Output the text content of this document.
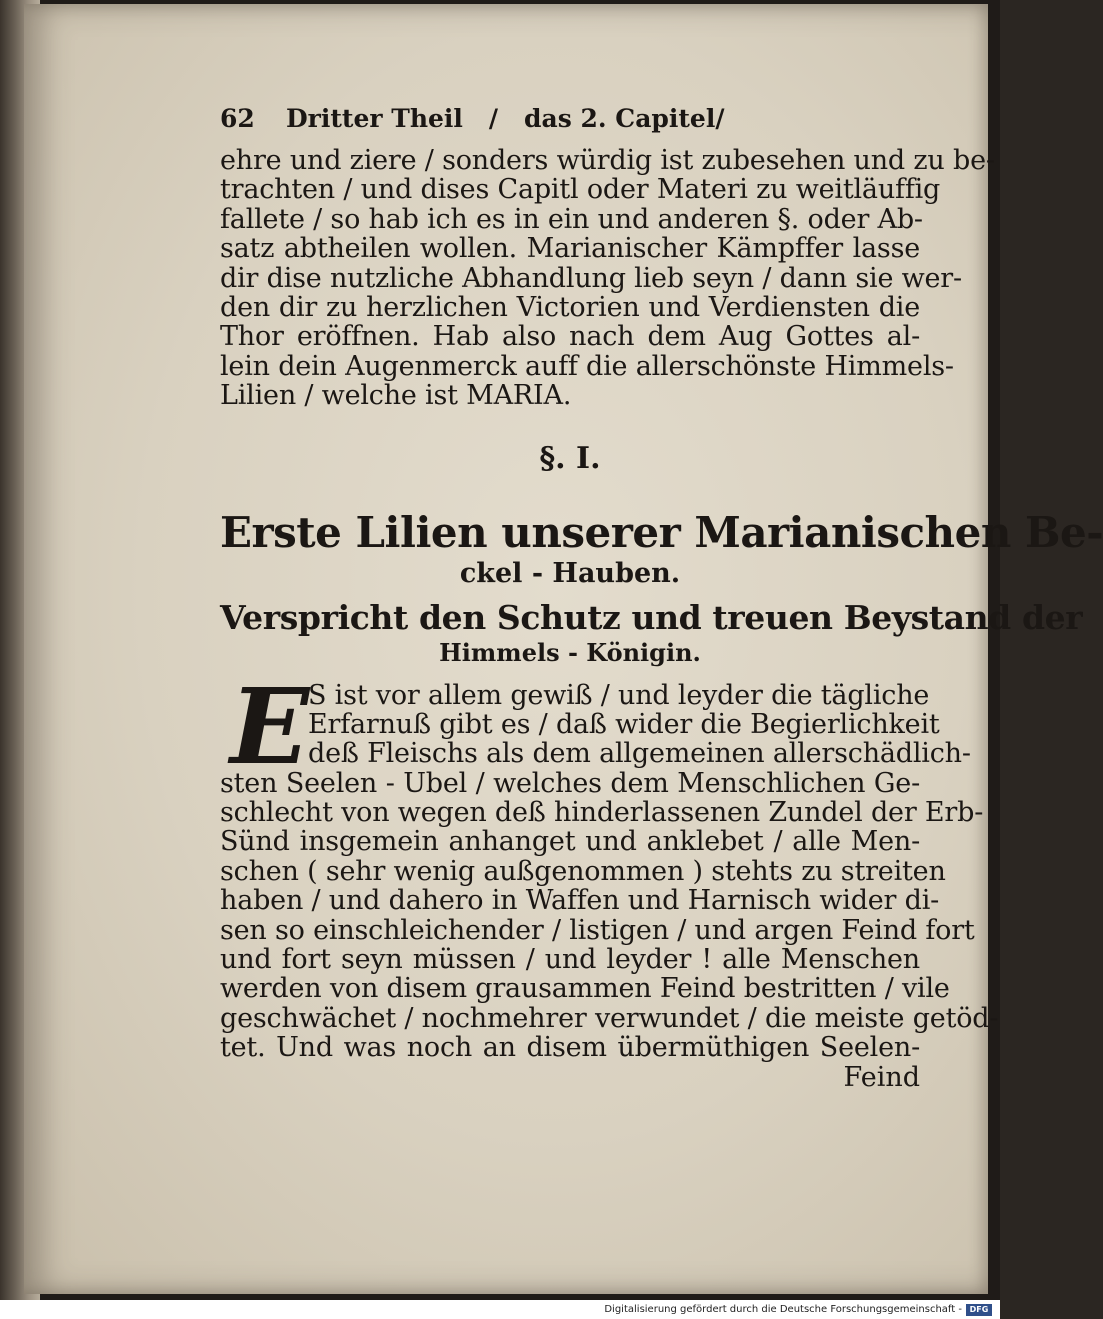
62 Dritter Theil / das 2. Capitel/
ehre und ziere / sonders würdig ist zubesehen und zu be-
trachten / und dises Capitl oder Materi zu weitläuffig
fallete / so hab ich es in ein und anderen §. oder Ab-
satz abtheilen wollen. Marianischer Kämpffer lasse
dir dise nutzliche Abhandlung lieb seyn / dann sie wer-
den dir zu herzlichen Victorien und Verdiensten die
Thor eröffnen. Hab also nach dem Aug Gottes al-
lein dein Augenmerck auff die allerschönste Himmels-
Lilien / welche ist MARIA.
§. I.
Erste Lilien unserer Marianischen Be-
ckel - Hauben.
Verspricht den Schutz und treuen Beystand der
Himmels - Königin.
E
S ist vor allem gewiß / und leyder die tägliche
Erfarnuß gibt es / daß wider die Begierlichkeit
deß Fleischs als dem allgemeinen allerschädlich-
sten Seelen - Ubel / welches dem Menschlichen Ge-
schlecht von wegen deß hinderlassenen Zundel der Erb-
Sünd insgemein anhanget und anklebet / alle Men-
schen ( sehr wenig außgenommen ) stehts zu streiten
haben / und dahero in Waffen und Harnisch wider di-
sen so einschleichender / listigen / und argen Feind fort
und fort seyn müssen / und leyder ! alle Menschen
werden von disem grausammen Feind bestritten / vile
geschwächet / nochmehrer verwundet / die meiste getöd-
tet. Und was noch an disem übermüthigen Seelen-
Feind
Digitalisierung gefördert durch die Deutsche Forschungsgemeinschaft - DFG
